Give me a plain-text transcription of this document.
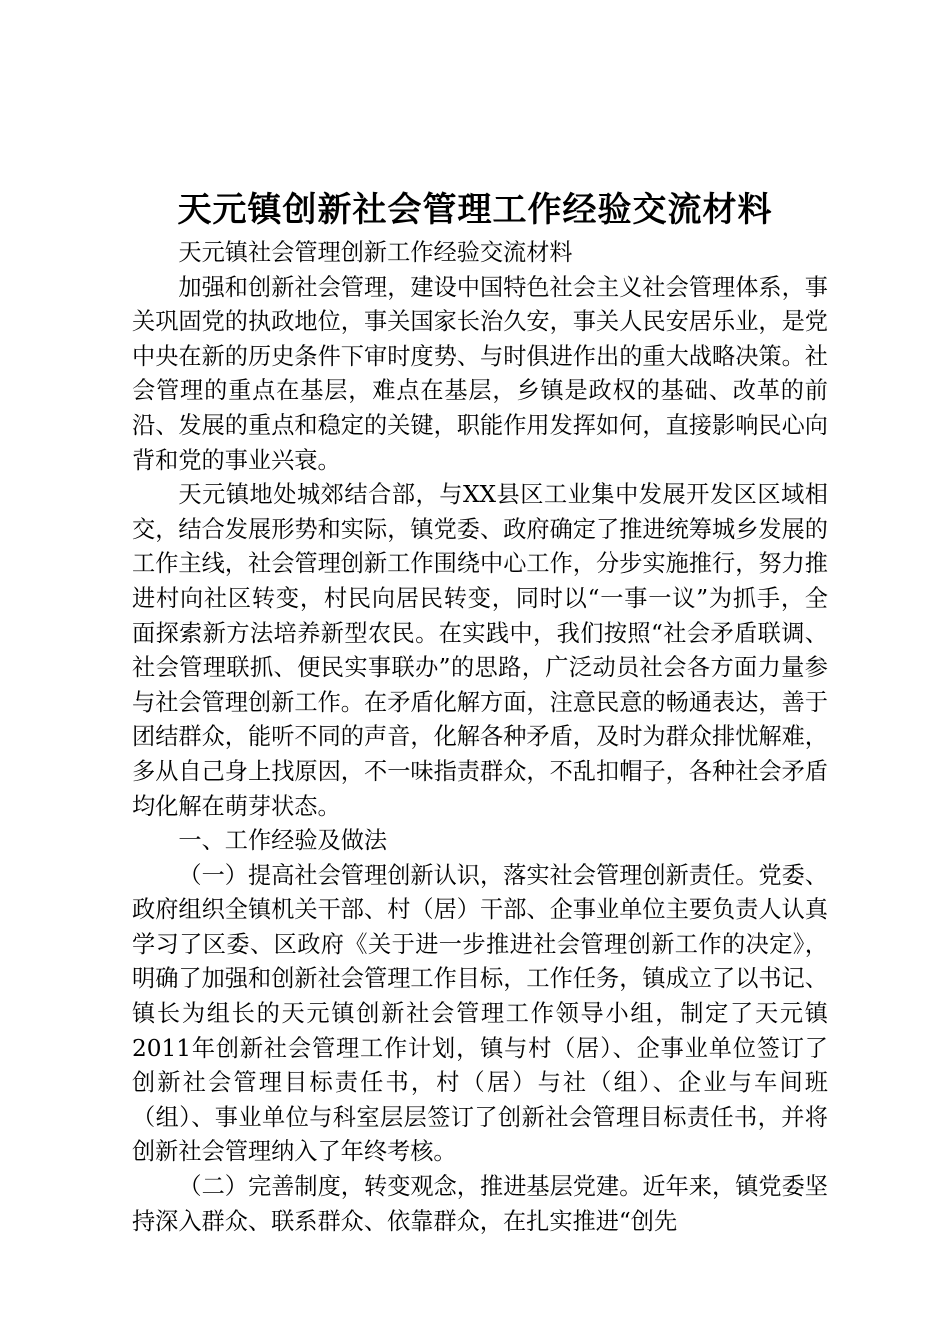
天元镇创新社会管理工作经验交流材料

天元镇社会管理创新工作经验交流材料

加强和创新社会管理，建设中国特色社会主义社会管理体系，事关巩固党的执政地位，事关国家长治久安，事关人民安居乐业，是党中央在新的历史条件下审时度势、与时俱进作出的重大战略决策。社会管理的重点在基层，难点在基层，乡镇是政权的基础、改革的前沿、发展的重点和稳定的关键，职能作用发挥如何，直接影响民心向背和党的事业兴衰。

天元镇地处城郊结合部，与XX县区工业集中发展开发区区域相交，结合发展形势和实际，镇党委、政府确定了推进统筹城乡发展的工作主线，社会管理创新工作围绕中心工作，分步实施推行，努力推进村向社区转变，村民向居民转变，同时以“一事一议”为抓手，全面探索新方法培养新型农民。在实践中，我们按照“社会矛盾联调、社会管理联抓、便民实事联办”的思路，广泛动员社会各方面力量参与社会管理创新工作。在矛盾化解方面，注意民意的畅通表达，善于团结群众，能听不同的声音，化解各种矛盾，及时为群众排忧解难，多从自己身上找原因，不一味指责群众，不乱扣帽子，各种社会矛盾均化解在萌芽状态。

一、工作经验及做法

（一）提高社会管理创新认识，落实社会管理创新责任。党委、政府组织全镇机关干部、村（居）干部、企事业单位主要负责人认真学习了区委、区政府《关于进一步推进社会管理创新工作的决定》，明确了加强和创新社会管理工作目标，工作任务，镇成立了以书记、镇长为组长的天元镇创新社会管理工作领导小组，制定了天元镇2011年创新社会管理工作计划，镇与村（居）、企事业单位签订了创新社会管理目标责任书，村（居）与社（组）、企业与车间班（组）、事业单位与科室层层签订了创新社会管理目标责任书，并将创新社会管理纳入了年终考核。

（二）完善制度，转变观念，推进基层党建。近年来，镇党委坚持深入群众、联系群众、依靠群众，在扎实推进“创先
